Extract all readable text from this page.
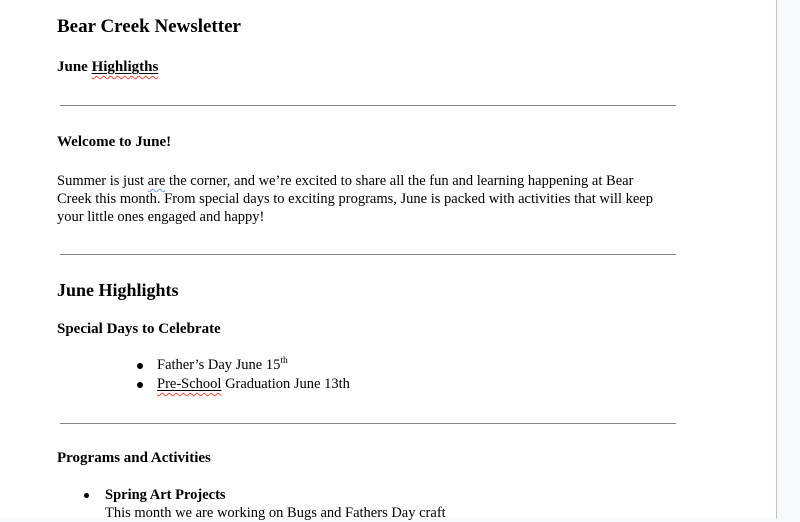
Bear Creek Newsletter
June Highligths
Welcome to June!
Summer is just are the corner, and we’re excited to share all the fun and learning happening at Bear Creek this month. From special days to exciting programs, June is packed with activities that will keep your little ones engaged and happy!
June Highlights
Special Days to Celebrate
Father’s Day June 15th
Pre-School Graduation June 13th
Programs and Activities
Spring Art Projects
This month we are working on Bugs and Fathers Day craft
